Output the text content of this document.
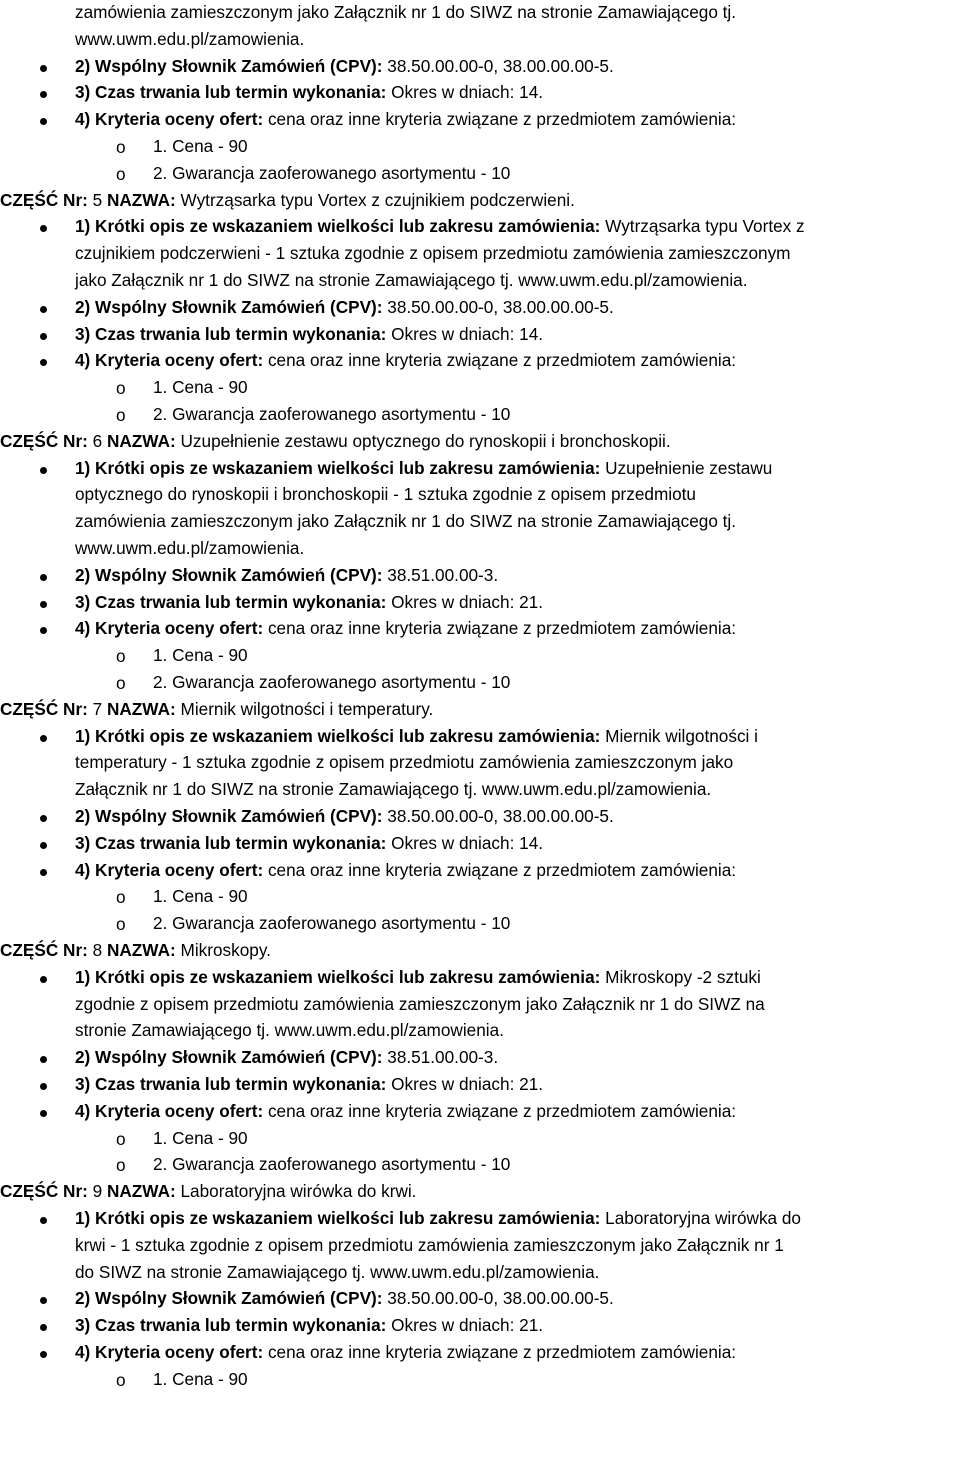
zamówienia zamieszczonym jako Załącznik nr 1 do SIWZ na stronie Zamawiającego tj.
www.uwm.edu.pl/zamowienia.
2) Wspólny Słownik Zamówień (CPV): 38.50.00.00-0, 38.00.00.00-5.
3) Czas trwania lub termin wykonania: Okres w dniach: 14.
4) Kryteria oceny ofert: cena oraz inne kryteria związane z przedmiotem zamówienia:
o 1. Cena - 90
o 2. Gwarancja zaoferowanego asortymentu - 10
CZĘŚĆ Nr: 5 NAZWA: Wytrząsarka typu Vortex z czujnikiem podczerwieni.
1) Krótki opis ze wskazaniem wielkości lub zakresu zamówienia: Wytrząsarka typu Vortex z
czujnikiem podczerwieni - 1 sztuka zgodnie z opisem przedmiotu zamówienia zamieszczonym
jako Załącznik nr 1 do SIWZ na stronie Zamawiającego tj. www.uwm.edu.pl/zamowienia.
2) Wspólny Słownik Zamówień (CPV): 38.50.00.00-0, 38.00.00.00-5.
3) Czas trwania lub termin wykonania: Okres w dniach: 14.
4) Kryteria oceny ofert: cena oraz inne kryteria związane z przedmiotem zamówienia:
o 1. Cena - 90
o 2. Gwarancja zaoferowanego asortymentu - 10
CZĘŚĆ Nr: 6 NAZWA: Uzupełnienie zestawu optycznego do rynoskopii i bronchoskopii.
1) Krótki opis ze wskazaniem wielkości lub zakresu zamówienia: Uzupełnienie zestawu
optycznego do rynoskopii i bronchoskopii - 1 sztuka zgodnie z opisem przedmiotu
zamówienia zamieszczonym jako Załącznik nr 1 do SIWZ na stronie Zamawiającego tj.
www.uwm.edu.pl/zamowienia.
2) Wspólny Słownik Zamówień (CPV): 38.51.00.00-3.
3) Czas trwania lub termin wykonania: Okres w dniach: 21.
4) Kryteria oceny ofert: cena oraz inne kryteria związane z przedmiotem zamówienia:
o 1. Cena - 90
o 2. Gwarancja zaoferowanego asortymentu - 10
CZĘŚĆ Nr: 7 NAZWA: Miernik wilgotności i temperatury.
1) Krótki opis ze wskazaniem wielkości lub zakresu zamówienia: Miernik wilgotności i
temperatury - 1 sztuka zgodnie z opisem przedmiotu zamówienia zamieszczonym jako
Załącznik nr 1 do SIWZ na stronie Zamawiającego tj. www.uwm.edu.pl/zamowienia.
2) Wspólny Słownik Zamówień (CPV): 38.50.00.00-0, 38.00.00.00-5.
3) Czas trwania lub termin wykonania: Okres w dniach: 14.
4) Kryteria oceny ofert: cena oraz inne kryteria związane z przedmiotem zamówienia:
o 1. Cena - 90
o 2. Gwarancja zaoferowanego asortymentu - 10
CZĘŚĆ Nr: 8 NAZWA: Mikroskopy.
1) Krótki opis ze wskazaniem wielkości lub zakresu zamówienia: Mikroskopy -2 sztuki
zgodnie z opisem przedmiotu zamówienia zamieszczonym jako Załącznik nr 1 do SIWZ na
stronie Zamawiającego tj. www.uwm.edu.pl/zamowienia.
2) Wspólny Słownik Zamówień (CPV): 38.51.00.00-3.
3) Czas trwania lub termin wykonania: Okres w dniach: 21.
4) Kryteria oceny ofert: cena oraz inne kryteria związane z przedmiotem zamówienia:
o 1. Cena - 90
o 2. Gwarancja zaoferowanego asortymentu - 10
CZĘŚĆ Nr: 9 NAZWA: Laboratoryjna wirówka do krwi.
1) Krótki opis ze wskazaniem wielkości lub zakresu zamówienia: Laboratoryjna wirówka do
krwi - 1 sztuka zgodnie z opisem przedmiotu zamówienia zamieszczonym jako Załącznik nr 1
do SIWZ na stronie Zamawiającego tj. www.uwm.edu.pl/zamowienia.
2) Wspólny Słownik Zamówień (CPV): 38.50.00.00-0, 38.00.00.00-5.
3) Czas trwania lub termin wykonania: Okres w dniach: 21.
4) Kryteria oceny ofert: cena oraz inne kryteria związane z przedmiotem zamówienia:
o 1. Cena - 90
